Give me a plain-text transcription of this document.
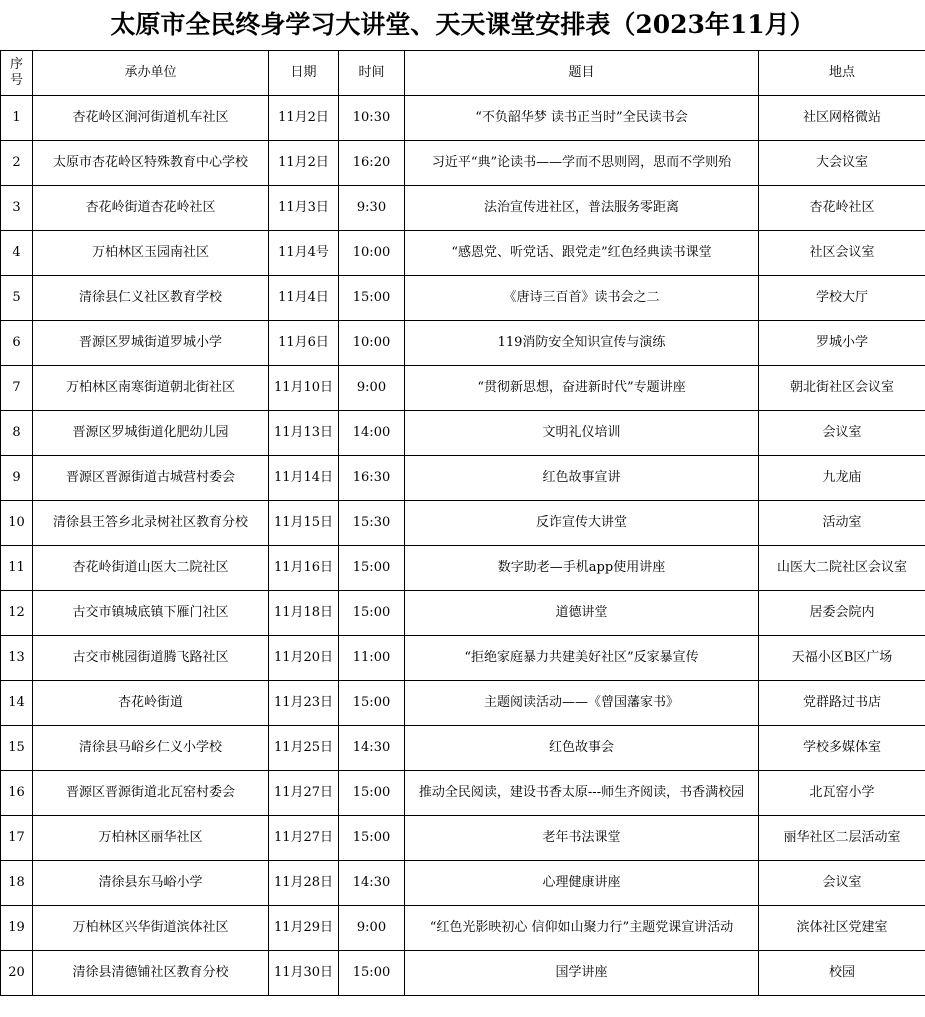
太原市全民终身学习大讲堂、天天课堂安排表（2023年11月）
序号	承办单位	日期	时间	题目	地点
1	杏花岭区涧河街道机车社区	11月2日	10:30	“不负韶华梦 读书正当时”全民读书会	社区网格微站
2	太原市杏花岭区特殊教育中心学校	11月2日	16:20	习近平“典”论读书——学而不思则罔，思而不学则殆	大会议室
3	杏花岭街道杏花岭社区	11月3日	9:30	法治宣传进社区，普法服务零距离	杏花岭社区
4	万柏林区玉园南社区	11月4号	10:00	“感恩党、听党话、跟党走”红色经典读书课堂	社区会议室
5	清徐县仁义社区教育学校	11月4日	15:00	《唐诗三百首》读书会之二	学校大厅
6	晋源区罗城街道罗城小学	11月6日	10:00	119消防安全知识宣传与演练	罗城小学
7	万柏林区南寒街道朝北街社区	11月10日	9:00	“贯彻新思想，奋进新时代”专题讲座	朝北街社区会议室
8	晋源区罗城街道化肥幼儿园	11月13日	14:00	文明礼仪培训	会议室
9	晋源区晋源街道古城营村委会	11月14日	16:30	红色故事宣讲	九龙庙
10	清徐县王答乡北录树社区教育分校	11月15日	15:30	反诈宣传大讲堂	活动室
11	杏花岭街道山医大二院社区	11月16日	15:00	数字助老—手机app使用讲座	山医大二院社区会议室
12	古交市镇城底镇下雁门社区	11月18日	15:00	道德讲堂	居委会院内
13	古交市桃园街道腾飞路社区	11月20日	11:00	“拒绝家庭暴力共建美好社区”反家暴宣传	天福小区B区广场
14	杏花岭街道	11月23日	15:00	主题阅读活动——《曾国藩家书》	党群路过书店
15	清徐县马峪乡仁义小学校	11月25日	14:30	红色故事会	学校多媒体室
16	晋源区晋源街道北瓦窑村委会	11月27日	15:00	推动全民阅读，建设书香太原---师生齐阅读，书香满校园	北瓦窑小学
17	万柏林区丽华社区	11月27日	15:00	老年书法课堂	丽华社区二层活动室
18	清徐县东马峪小学	11月28日	14:30	心理健康讲座	会议室
19	万柏林区兴华街道滨体社区	11月29日	9:00	“红色光影映初心 信仰如山聚力行”主题党课宣讲活动	滨体社区党建室
20	清徐县清德铺社区教育分校	11月30日	15:00	国学讲座	校园
